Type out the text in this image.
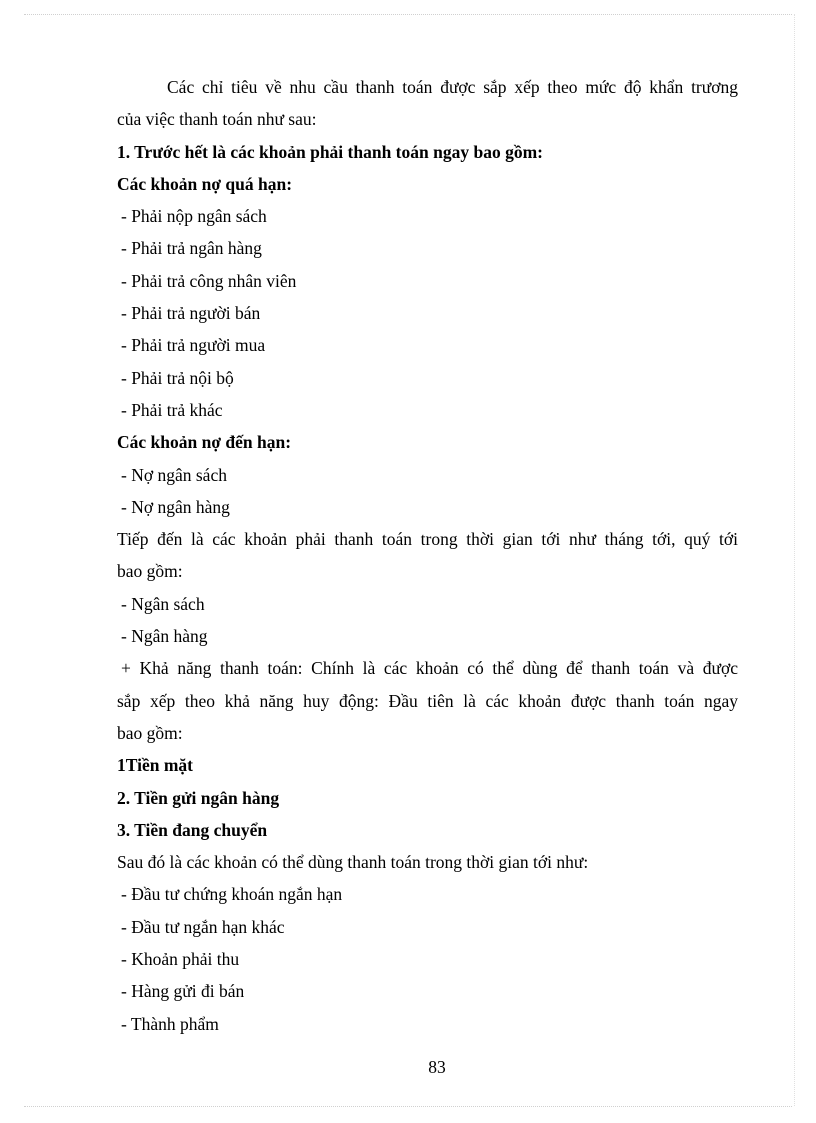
Các chỉ tiêu về nhu cầu thanh toán được sắp xếp theo mức độ khẩn trương
của việc thanh toán như sau:
1. Trước hết là các khoản phải thanh toán ngay bao gồm:
Các khoản nợ quá hạn:
- Phải nộp ngân sách
- Phải trả ngân hàng
- Phải trả công nhân viên
- Phải trả người bán
- Phải trả người mua
- Phải trả nội bộ
- Phải trả khác
Các khoản nợ đến hạn:
- Nợ ngân sách
- Nợ ngân hàng
Tiếp đến là các khoản phải thanh toán trong thời gian tới như tháng tới, quý tới
bao gồm:
- Ngân sách
- Ngân hàng
+ Khả năng thanh toán: Chính là các khoản có thể dùng để thanh toán và được
sắp xếp theo khả năng huy động: Đầu tiên là các khoản được thanh toán ngay
bao gồm:
1Tiền mặt
2. Tiền gửi ngân hàng
3. Tiền đang chuyển
Sau đó là các khoản có thể dùng thanh toán trong thời gian tới như:
- Đầu tư chứng khoán ngắn hạn
- Đầu tư ngắn hạn khác
- Khoản phải thu
- Hàng gửi đi bán
- Thành phẩm
83
